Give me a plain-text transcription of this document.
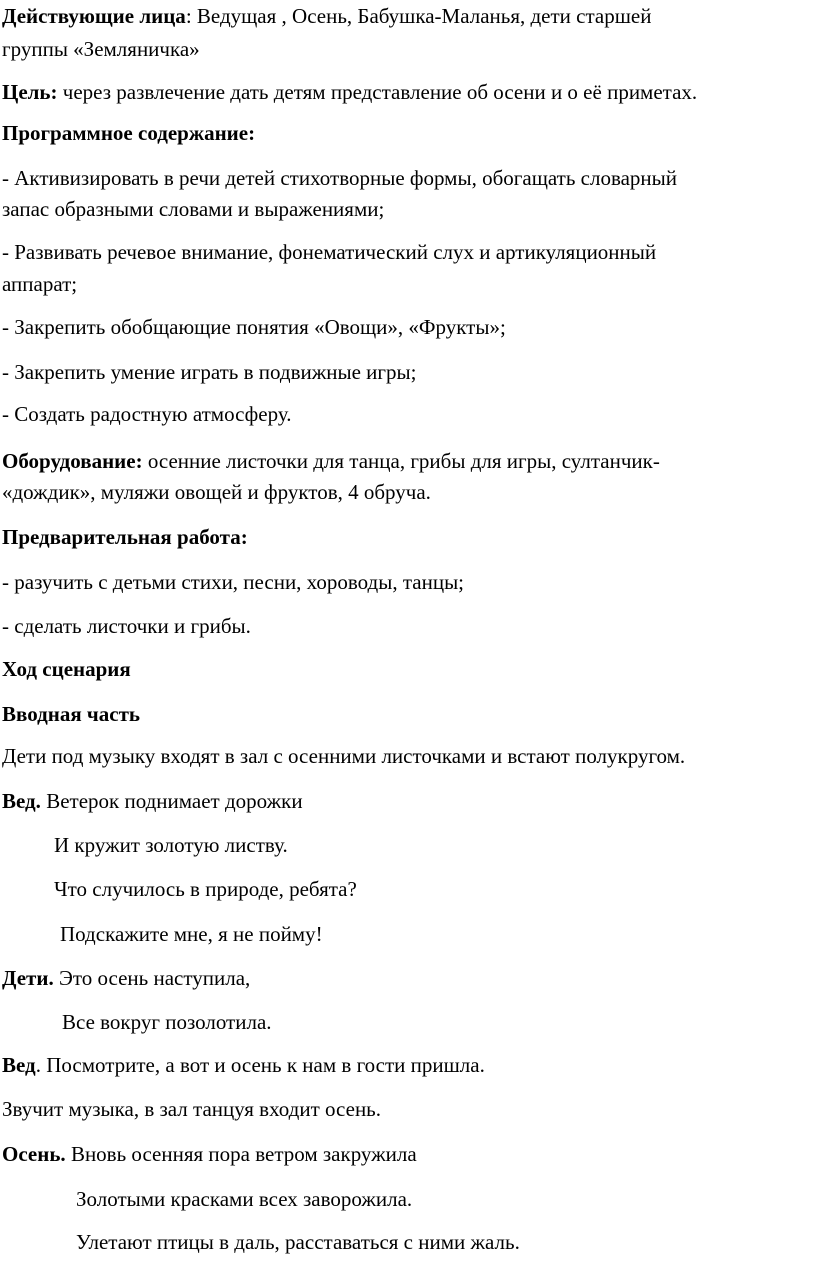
Действующие лица: Ведущая , Осень, Бабушка-Маланья, дети старшей
группы «Земляничка»
Цель: через развлечение дать детям представление об осени и о её приметах.
Программное содержание:
- Активизировать в речи детей стихотворные формы, обогащать словарный
запас образными словами и выражениями;
- Развивать речевое внимание, фонематический слух и артикуляционный
аппарат;
- Закрепить обобщающие понятия «Овощи», «Фрукты»;
- Закрепить умение играть в подвижные игры;
- Создать радостную атмосферу.
Оборудование: осенние листочки для танца, грибы для игры, султанчик-
«дождик», муляжи овощей и фруктов, 4 обруча.
Предварительная работа:
- разучить с детьми стихи, песни, хороводы, танцы;
- сделать листочки и грибы.
Ход сценария
Вводная часть
Дети под музыку входят в зал с осенними листочками и встают полукругом.
Вед. Ветерок поднимает дорожки
И кружит золотую листву.
Что случилось в природе, ребята?
Подскажите мне, я не пойму!
Дети. Это осень наступила,
Все вокруг позолотила.
Вед. Посмотрите, а вот и осень к нам в гости пришла.
Звучит музыка, в зал танцуя входит осень.
Осень. Вновь осенняя пора ветром закружила
Золотыми красками всех заворожила.
Улетают птицы в даль, расставаться с ними жаль.
